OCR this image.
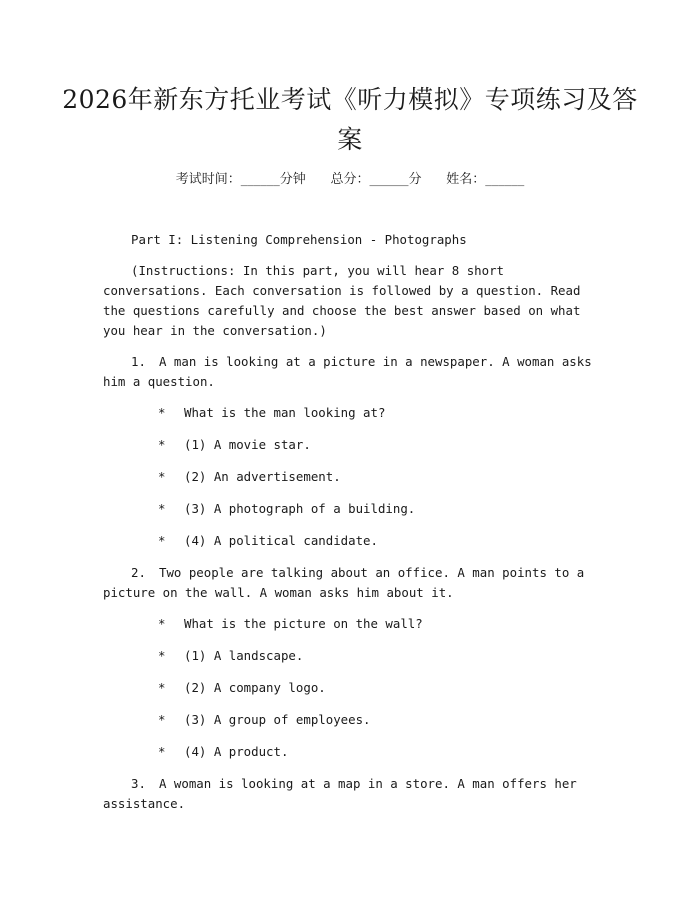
2026年新东方托业考试《听力模拟》专项练习及答案
考试时间：______分钟      总分：______分      姓名：______

Part I: Listening Comprehension - Photographs

(Instructions: In this part, you will hear 8 short conversations. Each conversation is followed by a question. Read the questions carefully and choose the best answer based on what you hear in the conversation.)

1. A man is looking at a picture in a newspaper. A woman asks him a question.

* What is the man looking at?
* (1) A movie star.
* (2) An advertisement.
* (3) A photograph of a building.
* (4) A political candidate.

2. Two people are talking about an office. A man points to a picture on the wall. A woman asks him about it.

* What is the picture on the wall?
* (1) A landscape.
* (2) A company logo.
* (3) A group of employees.
* (4) A product.

3. A woman is looking at a map in a store. A man offers her assistance.
